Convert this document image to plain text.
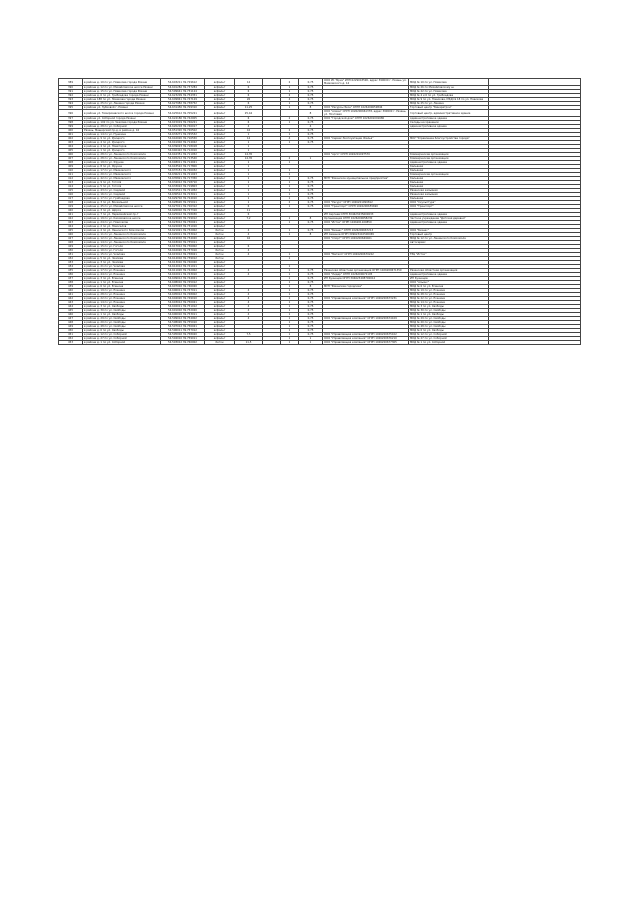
389	в районе д. 10 по ул. Новикова города Рязани	54.603211 39.729612	асфальт	14		2	0,75	ООО УК "Бриз" ИНН 6229043590, адрес 390000 г. Рязань ул. Маяковского д. 14	МКД № 10 по ул. Новикова	
390	в районе д. 12 по ул. Михайловское шоссе Рязани	54.601282 39.737284	асфальт	6		1	0,75		МКД № 26 по Михайловскому ш.	
391	в районе д. 15 по ул. Новикова города Рязани	54.599641 39.731124	асфальт	6		1	0,75		МКД № 22 по ул. Новикова	
392	в районе д. 6 по ул. Грибоедова города Рязани	54.623209 39.754351	асфальт	6		2	0,75		МКД № 4 и 6 по ул. Грибоедова	
393	в районе 188 по ул. Новикова города Рязани	54.609841 39.747129	асфальт	26		4	0,75		МКД № 9 по ул. Новикова, МКД № 18 по ул. Новикова	
394	в районе д. 25 по ул. Ленина города Рязани	54.627982 39.738752	асфальт	6		1	0,75		МКД № 25 по ул. Ленина	
395	в районе ул. Зубковой г. Рязани	54.631450 39.709310	асфальт	11,25		1	8	ООО "Ресурсы Экон" ОГРН 1026200659846	Торговый центр "Бинаратрон"	
396	в районе ул. Тимирязевского шоссе города Рязани	54.625612 39.705221	асфальт	25,44			8	ООО "Алиан" ОГРН 1026200661378, адрес 390000 г. Рязань, ул. Почтовая	торговый центр, административное здание	
397	в районе ул. Соборной города Рязани	54.624180 39.742005	асфальт	6		2	0,75	ООО "Городской дом" ОГРН 1026201091680	Административное здание	
398	в районе д. 102 по ул. Чкалова города Рязани	54.615019 39.746221	асфальт	6		1	0,75		Склады на хранении	
399	в районе д. 28 по ул. Соборной	54.620218 39.746017	асфальт	4			4		административное здание	
400	Рязань, Мещерский пр-д, в районе д. 16	54.651320 39.726502	асфальт	16		2	0,75			
401	в районе д. 14 по ул. Пушкина	54.633271 39.745532	асфальт	1		1	0,75			
402	в районе д. 9 по ул. Урицкого	54.642020 39.716550	асфальт	14		4	0,75	ООО "Сервис Эксплуатации Жилья"	МКУ "Управление благоустройства города"	
403	в районе д. 4 по ул. Урицкого	54.641902 39.714022	асфальт	1		1	0,75			
404	в районе д. 4 по ул. Новаторов	54.639023 39.718018	асфальт	1						
405	в районе д. 1 по ул. Урицкого	54.640422 39.712010	асфальт	1						
406	в районе д. 28 по ул. Ленинского Комсомола	54.642351 39.711052	асфальт	14,35				ООО "Арго" ОГРН 1026201097570	Коммерческие организации	
407	в районе д. 28 по ул. Ленинского Комсомола	54.645212 39.713540	асфальт	14,35		2	1		Коммерческие организации	
408	в районе д. 19 по ул. Фрунзе	54.648011 39.714021	асфальт	1		1			Административное здание	
409	в районе д. 8 по ул. Фрунзе	54.643522 39.717800	асфальт	1					Кальяная	
410	в районе д. 17 по ул. Маяковского	54.637151 39.726032	асфальт	1		1			Кальяная	
411	в районе д. 20 по ул. Маяковского	54.636211 39.721023	асфальт	1		1			Коммерческие организации	
412	в районе д. 42 по ул. Маяковского	54.635821 39.717350	асфальт	1		1	0,75	МУП "Рязанское муниципальное предприятие"	Кальяная	
413	в районе д. 9 по ул. Гоголя	54.634012 39.718710	асфальт	1		1	0,75		Кальяная	
414	в районе д. 5 по ул. Гоголя	54.633022 39.719803	асфальт	1		1	0,75		Кальяная	
415	в районе д. 43 по ул. Садовой	54.631511 39.721052	асфальт	1		1	0,75		Рязанская кальяная	
416	в районе д. 16 по ул. Садовой	54.630512 39.723011	асфальт	1		1	0,75		Рязанская кальяная	
417	в районе д. 17 по ул. Грибоедова	54.629702 39.724010	асфальт	1		1	0,75		Кальяная	
418	в районе д. 3 по ул. Вокзальной	54.628620 39.725011	асфальт	1		2	0,75	ООО "Ресурс" ОГРН 1026201099812	ООО "Скульптура"	
419	в районе д. 45 по ул. Михайловское шоссе	54.627011 39.726312	асфальт	6		1	0,75	ООО "Транспорт" ОГРН 1026200655690	ООО "Транспорт"	
420	в районе д. 3 по ул. Щорса	54.626002 39.727310	асфальт	11						
421	в районе д. 7 по ул. Первомайский пр-т	54.625012 39.728030	асфальт	6				ИП Сергеев ОГРН 304623435600033	Административное здание	
422	в районе д. 19 по ул. Касимовское шоссе	54.624020 39.729012	асфальт	7,2		1	8	Организация ОГРН 1026200658230	Частное учреждение "Детская деревня"	
423	в районе д. 24 по ул. Новоселов	54.623012 39.730021	асфальт			1	0,75	ООО "Исток" ОГРН 1026201100850	Административное здание	
424	в районе д. 2 по ул. Новоселов	54.622003 39.731010	асфальт							
425	в районе д. 4 по ул. Ленинского Комсомола	54.621021 39.732002	бетон	4		1	0,75	ООО "Бизнес" ОГРН 1026200667213	ООО "Бизнес"	
426	в районе д. 11 по ул. Ленинского Комсомола	54.620011 39.733012	бетон	4		1	8	ИП Семенов ОГРН 309623410500065	Торговый центр	
427	в районе д. 12 по ул. Ленинского Комсомола	54.619002 39.734020	асфальт	16				ООО "Спорт" ОГРН 1026200669401	МКД № 12 по ул. Ленинского Комсомола	
428	в районе д. 14 по ул. Ленинского Комсомола	54.618010 39.735011	асфальт						Автосервис	
429	в районе д. 15 по ул. Гоголя	54.617012 39.736002	асфальт	6						
430	в районе д. 10 по ул. Гоголя	54.616020 39.737010	бетон	4						
431	в районе д. 15 по ул. Чкалова	54.615012 39.738021	бетон	4		1		ООО "Металл" ОГРН 1026200670222	ТРЦ "Исток"	
432	в районе д. 5 по ул. Чкалова	54.614002 39.739012	бетон			1				
433	в районе д. 3 по ул. Чкалова	54.613010 39.740020	асфальт							
434	в районе д. 21 по ул. Чкалова	54.612012 39.741011	асфальт			1				
435	в районе д. 17 по ул. Есенина	54.611020 39.742002	асфальт	4		1	0,75	Рязанская областная организация ОГРН 1026200671350	Рязанская областная организация	
436	в районе д. 44 по ул. Есенина	54.610011 39.743010	асфальт	4		1	0,75	ООО "Лидер" ОГРН 1026200672105	Административное здание	
437	в районе д. 3 по ул. Есенина	54.609012 39.744021	асфальт			1	0,75	ИП Кузнецов ОГРН 304623408700012	ИП Кузнецов	
438	в районе д. 1 по ул. Есенина	54.608010 39.745012	асфальт			1	0,75		ООО "Альянс"	
439	в районе д. 6 по ул. Есенина	54.607002 39.746020	асфальт			1	8	МУП "Рязанские городские"	МКД № 6 по ул. Есенина	
440	в районе д. 19 по ул. Есенина	54.606011 39.747011	асфальт	4		1	0,75		МКД № 19 по ул. Есенина	
441	в районе д. 28 по ул. Есенина	54.605012 39.748002	асфальт	4		1	0,75		МКД № 28 по ул. Есенина	
442	в районе д. 22 по ул. Есенина	54.604020 39.749010	асфальт	4		1	0,75	ООО "Управляющая компания" ОГРН 1026200673231	МКД № 22 по ул. Есенина	
443	в районе д. 14 по ул. Есенина	54.603012 39.750021	асфальт	4		1	0,75		МКД № 14 по ул. Есенина	
444	в районе д. 3 по ул. Свободы	54.602011 39.751012	асфальт	4		1	0,75		МКД № 3 по ул. Свободы	
445	в районе д. 30 по ул. Свободы	54.601002 39.752020	асфальт	4		1	0,75		МКД № 30 по ул. Свободы	
446	в районе д. 1 по ул. Свободы	54.600010 39.753011	асфальт	4		1	0,75		МКД № 1 по ул. Свободы	
447	в районе д. 29 по ул. Свободы	54.599012 39.754002	асфальт	4		1	0,75	ООО "Управляющая компания" ОГРН 1026200674109	МКД № 29 по ул. Свободы	
448	в районе д. 20 по ул. Свободы	54.598020 39.755010	асфальт			1	0,75		МКД № 20 по ул. Свободы	
449	в районе д. 48 по ул. Свободы	54.597012 39.756021	асфальт			1	0,75		МКД № 48 по ул. Свободы	
450	в районе д. 6 по ул. Свободы	54.596011 39.757012	асфальт			1	0,75		МКД № 6 по ул. Свободы	
451	в районе д. 12 по ул. Соборной	54.595002 39.758020	асфальт	7,5		1	0,75	ООО "Управляющая компания" ОГРН 1026200675102	МКД № 12 по ул. Соборной	
452	в районе д. 27 по ул. Соборной	54.594010 39.759011	асфальт			1	1	ООО "Управляющая компания" ОГРН 1026200676210	МКД № 27 по ул. Соборной	
453	в районе д. 1 по ул. Соборной	54.593012 39.760002	бетон	11,5		1	1	ООО "Управляющая компания" ОГРН 1026200677305	МКД № 1 по ул. Соборной	
